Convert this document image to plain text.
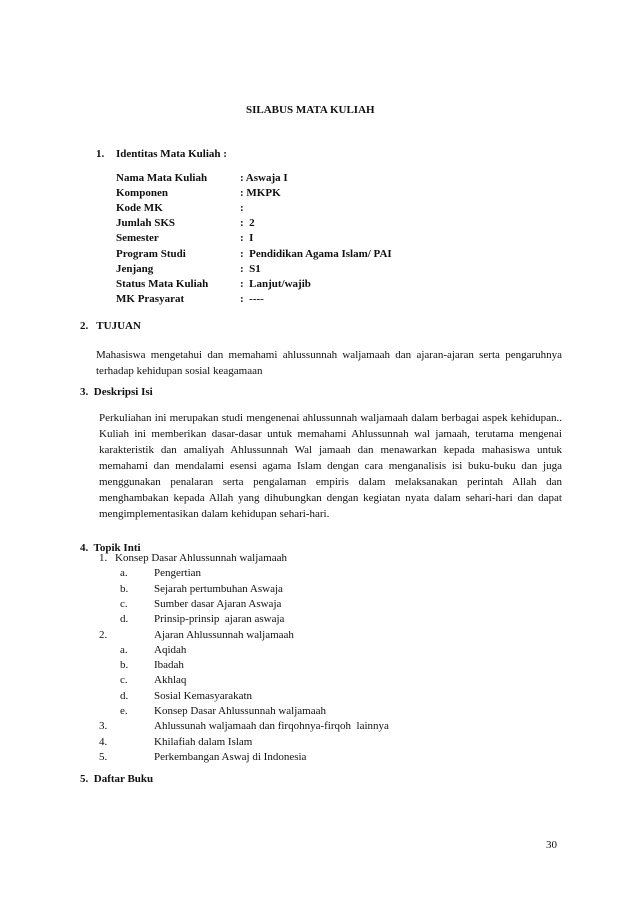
SILABUS MATA KULIAH
1. Identitas Mata Kuliah :
Nama Mata Kuliah	: Aswaja I
Komponen	: MKPK
Kode MK	:
Jumlah SKS	:  2
Semester	:  I
Program Studi	:  Pendidikan Agama Islam/ PAI
Jenjang	:  S1
Status Mata Kuliah	:  Lanjut/wajib
MK Prasyarat	:  ----
2.   TUJUAN
Mahasiswa mengetahui dan memahami ahlussunnah waljamaah dan ajaran-ajaran serta pengaruhnya terhadap kehidupan sosial keagamaan
3.  Deskripsi Isi
Perkuliahan ini merupakan studi mengenenai ahlussunnah waljamaah dalam berbagai aspek kehidupan.. Kuliah ini memberikan dasar-dasar untuk memahami Ahlussunnah wal jamaah, terutama mengenai karakteristik dan amaliyah Ahlussunnah Wal jamaah dan menawarkan kepada mahasiswa untuk memahami dan mendalami esensi agama Islam dengan cara menganalisis isi buku-buku dan juga menggunakan penalaran serta pengalaman empiris dalam melaksanakan perintah Allah dan menghambakan kepada Allah yang dihubungkan dengan kegiatan nyata dalam sehari-hari dan dapat mengimplementasikan dalam kehidupan sehari-hari.
4.  Topik Inti
1. Konsep Dasar Ahlussunnah waljamaah
a. Pengertian
b. Sejarah pertumbuhan Aswaja
c. Sumber dasar Ajaran Aswaja
d. Prinsip-prinsip  ajaran aswaja
2.	Ajaran Ahlussunnah waljamaah
a. Aqidah
b. Ibadah
c. Akhlaq
d. Sosial Kemasyarakatn
e. Konsep Dasar Ahlussunnah waljamaah
3.	Ahlussunah waljamaah dan firqohnya-firqoh  lainnya
4.	Khilafiah dalam Islam
5.	Perkembangan Aswaj di Indonesia
5.  Daftar Buku
30
